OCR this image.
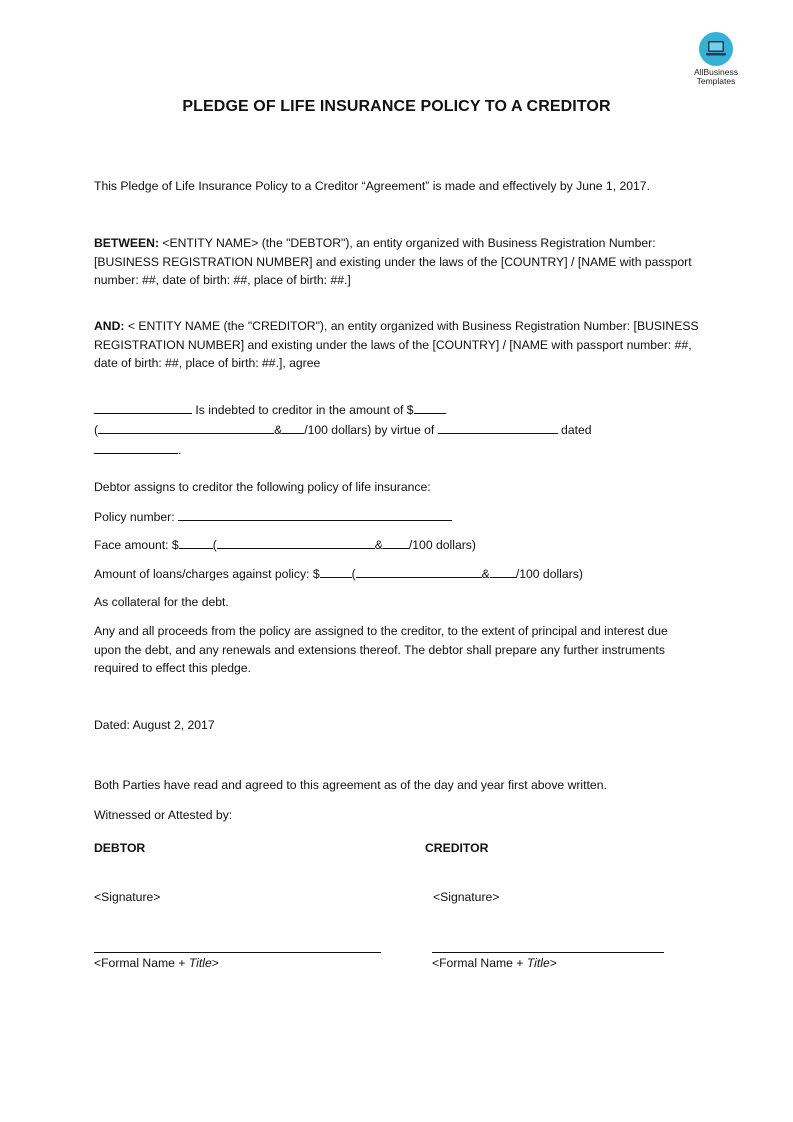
AllBusiness
Templates
PLEDGE OF LIFE INSURANCE POLICY TO A CREDITOR

This Pledge of Life Insurance Policy to a Creditor “Agreement” is made and effectively by June 1, 2017.

BETWEEN: <ENTITY NAME> (the "DEBTOR"), an entity organized with Business Registration Number: [BUSINESS REGISTRATION NUMBER] and existing under the laws of the [COUNTRY] / [NAME with passport number: ##, date of birth: ##, place of birth: ##.]

AND: < ENTITY NAME (the "CREDITOR"), an entity organized with Business Registration Number: [BUSINESS REGISTRATION NUMBER] and existing under the laws of the [COUNTRY] / [NAME with passport number: ##, date of birth: ##, place of birth: ##.], agree

Is indebted to creditor in the amount of $
(	& /100 dollars) by virtue of	dated
.

Debtor assigns to creditor the following policy of life insurance:

Policy number:

Face amount: $	(	& /100 dollars)

Amount of loans/charges against policy: $	(	& /100 dollars)

As collateral for the debt.

Any and all proceeds from the policy are assigned to the creditor, to the extent of principal and interest due upon the debt, and any renewals and extensions thereof. The debtor shall prepare any further instruments required to effect this pledge.

Dated: August 2, 2017

Both Parties have read and agreed to this agreement as of the day and year first above written.

Witnessed or Attested by:

DEBTOR	CREDITOR

<Signature>	<Signature>

<Formal Name + Title>	<Formal Name + Title>
